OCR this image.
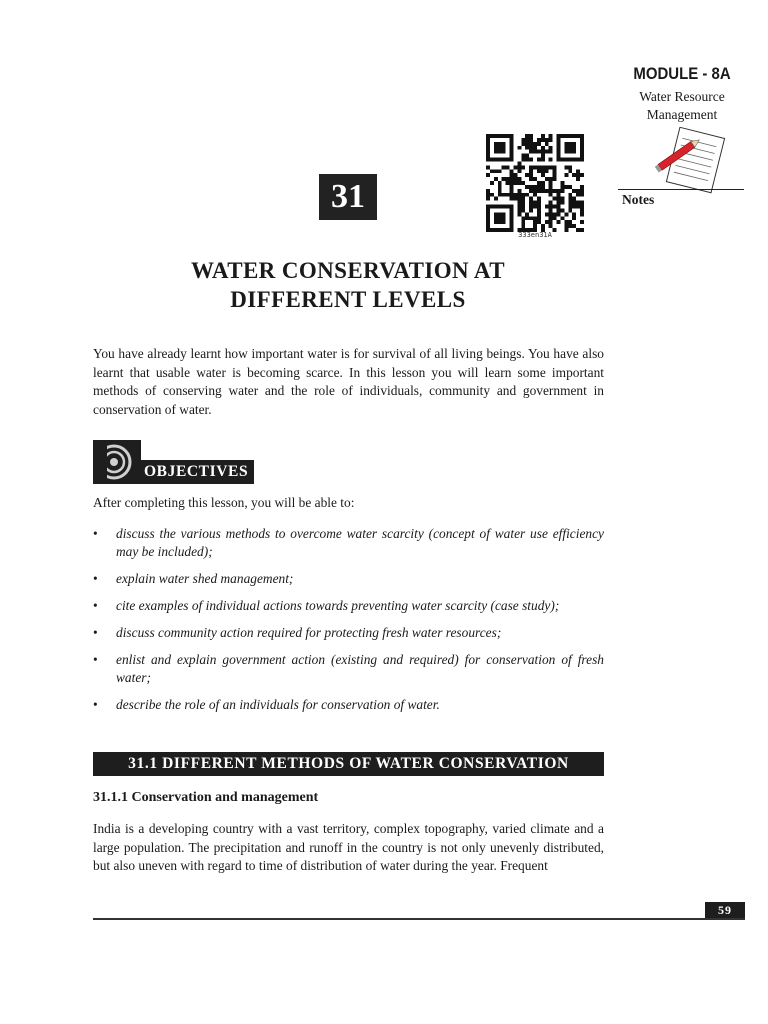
MODULE - 8A
Water Resource
Management
Notes
31
333en31A
WATER CONSERVATION AT
DIFFERENT LEVELS
You have already learnt how important water is for survival of all living beings. You have also learnt that usable water is becoming scarce. In this lesson you will learn some important methods of conserving water and the role of individuals, community and government in conservation of water.
OBJECTIVES
After completing this lesson, you will be able to:
• discuss the various methods to overcome water scarcity (concept of water use efficiency may be included);
• explain water shed management;
• cite examples of individual actions towards preventing water scarcity (case study);
• discuss community action required for protecting fresh water resources;
• enlist and explain government action (existing and required) for conservation of fresh water;
• describe the role of an individuals for conservation of water.
31.1 DIFFERENT METHODS OF WATER CONSERVATION
31.1.1 Conservation and management
India is a developing country with a vast territory, complex topography, varied climate and a large population. The precipitation and runoff in the country is not only unevenly distributed, but also uneven with regard to time of distribution of water during the year. Frequent
59
